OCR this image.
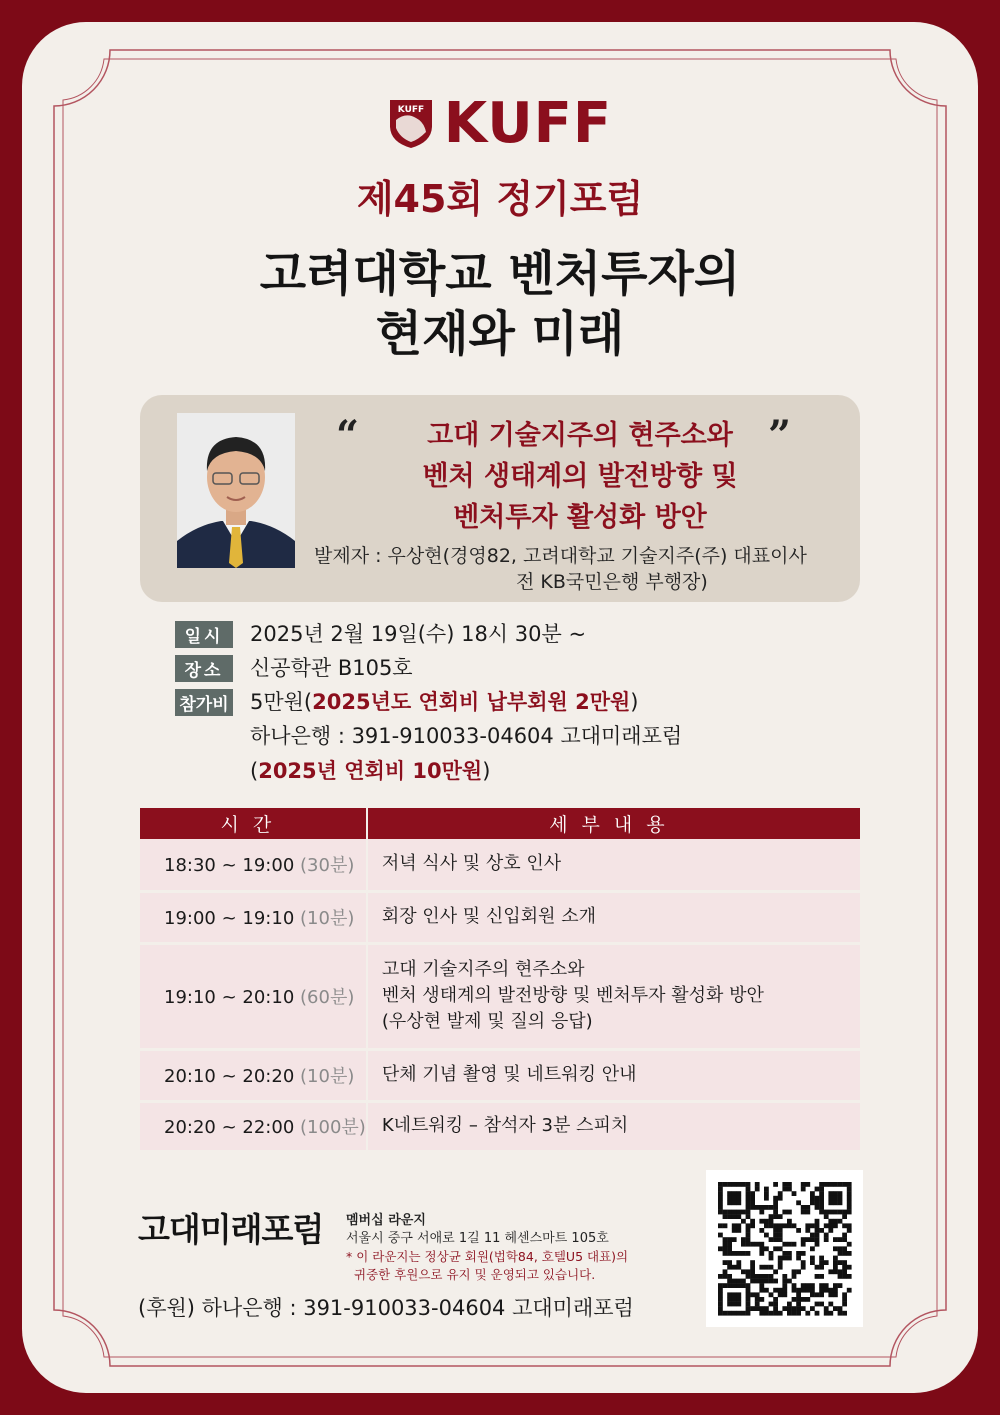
KUFF KUFF
제45회 정기포럼
고려대학교 벤처투자의
현재와 미래
“	”
고대 기술지주의 현주소와
벤처 생태계의 발전방향 및
벤처투자 활성화 방안
발제자 : 우상현(경영82, 고려대학교 기술지주(주) 대표이사
전 KB국민은행 부행장)
일시	2025년 2월 19일(수) 18시 30분 ~
장소	신공학관 B105호
참가비 5만원(2025년도 연회비 납부회원 2만원)
하나은행 : 391-910033-04604 고대미래포럼
(2025년 연회비 10만원)
시간	세부내용
18:30 ~ 19:00 (30분)	저녁 식사 및 상호 인사

19:00 ~ 19:10 (10분)	회장 인사 및 신입회원 소개

19:10 ~ 20:10 (60분)	고대 기술지주의 현주소와
벤처 생태계의 발전방향 및 벤처투자 활성화 방안
(우상현 발제 및 질의 응답)

20:10 ~ 20:20 (10분)	단체 기념 촬영 및 네트워킹 안내

20:20 ~ 22:00 (100분)	K네트워킹 – 참석자 3분 스피치
고대미래포럼 멤버십 라운지
서울시 중구 서애로 1길 11 헤센스마트 105호
* 이 라운지는 정상균 회원(법학84, 호텔U5 대표)의
귀중한 후원으로 유지 및 운영되고 있습니다.
(후원) 하나은행 : 391-910033-04604 고대미래포럼
